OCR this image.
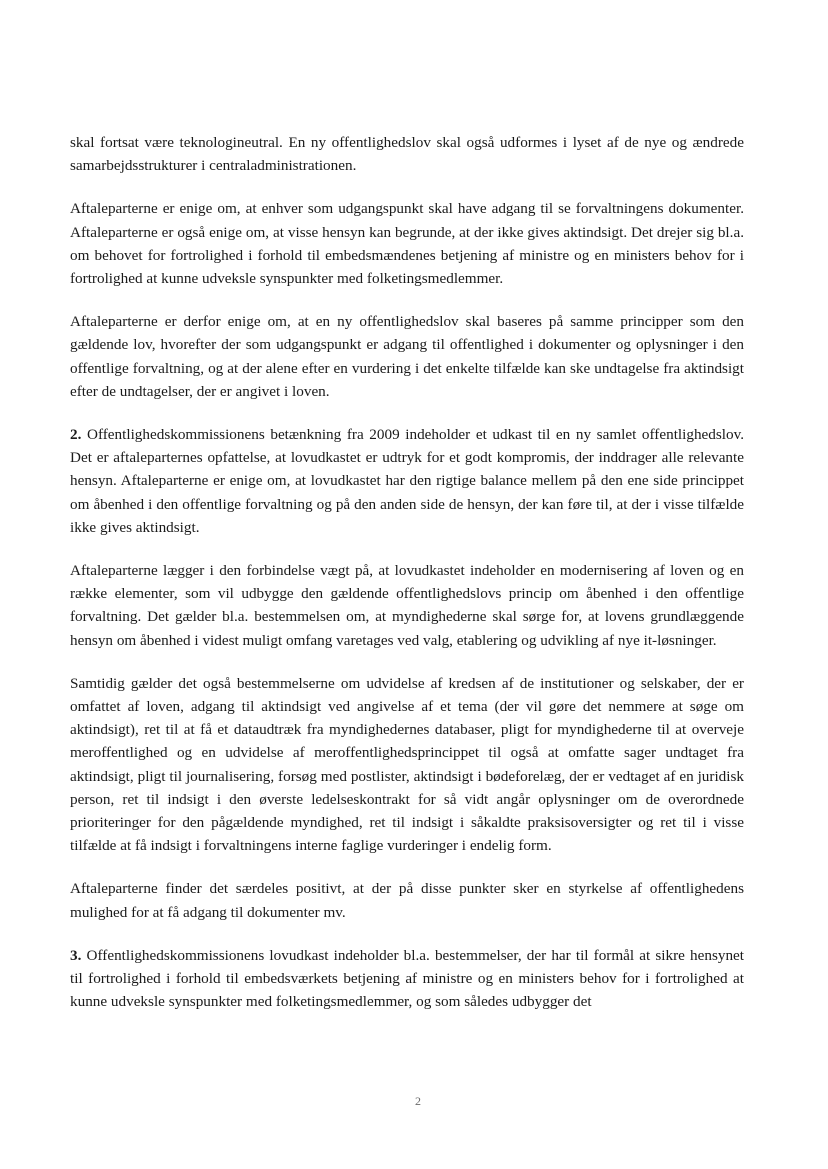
skal fortsat være teknologineutral. En ny offentlighedslov skal også udformes i lyset af de nye og ændrede samarbejdsstrukturer i centraladministrationen.

Aftaleparterne er enige om, at enhver som udgangspunkt skal have adgang til se forvaltningens dokumenter. Aftaleparterne er også enige om, at visse hensyn kan begrunde, at der ikke gives aktindsigt. Det drejer sig bl.a. om behovet for fortrolighed i forhold til embedsmændenes betjening af ministre og en ministers behov for i fortrolighed at kunne udveksle synspunkter med folketingsmedlemmer.

Aftaleparterne er derfor enige om, at en ny offentlighedslov skal baseres på samme principper som den gældende lov, hvorefter der som udgangspunkt er adgang til offentlighed i dokumenter og oplysninger i den offentlige forvaltning, og at der alene efter en vurdering i det enkelte tilfælde kan ske undtagelse fra aktindsigt efter de undtagelser, der er angivet i loven.

2. Offentlighedskommissionens betænkning fra 2009 indeholder et udkast til en ny samlet offentlighedslov. Det er aftaleparternes opfattelse, at lovudkastet er udtryk for et godt kompromis, der inddrager alle relevante hensyn. Aftaleparterne er enige om, at lovudkastet har den rigtige balance mellem på den ene side princippet om åbenhed i den offentlige forvaltning og på den anden side de hensyn, der kan føre til, at der i visse tilfælde ikke gives aktindsigt.

Aftaleparterne lægger i den forbindelse vægt på, at lovudkastet indeholder en modernisering af loven og en række elementer, som vil udbygge den gældende offentlighedslovs princip om åbenhed i den offentlige forvaltning. Det gælder bl.a. bestemmelsen om, at myndighederne skal sørge for, at lovens grundlæggende hensyn om åbenhed i videst muligt omfang varetages ved valg, etablering og udvikling af nye it-løsninger.

Samtidig gælder det også bestemmelserne om udvidelse af kredsen af de institutioner og selskaber, der er omfattet af loven, adgang til aktindsigt ved angivelse af et tema (der vil gøre det nemmere at søge om aktindsigt), ret til at få et dataudtræk fra myndighedernes databaser, pligt for myndighederne til at overveje meroffentlighed og en udvidelse af meroffentlighedsprincippet til også at omfatte sager undtaget fra aktindsigt, pligt til journalisering, forsøg med postlister, aktindsigt i bødeforelæg, der er vedtaget af en juridisk person, ret til indsigt i den øverste ledelseskontrakt for så vidt angår oplysninger om de overordnede prioriteringer for den pågældende myndighed, ret til indsigt i såkaldte praksisoversigter og ret til i visse tilfælde at få indsigt i forvaltningens interne faglige vurderinger i endelig form.

Aftaleparterne finder det særdeles positivt, at der på disse punkter sker en styrkelse af offentlighedens mulighed for at få adgang til dokumenter mv.

3. Offentlighedskommissionens lovudkast indeholder bl.a. bestemmelser, der har til formål at sikre hensynet til fortrolighed i forhold til embedsværkets betjening af ministre og en ministers behov for i fortrolighed at kunne udveksle synspunkter med folketingsmedlemmer, og som således udbygger det

2
